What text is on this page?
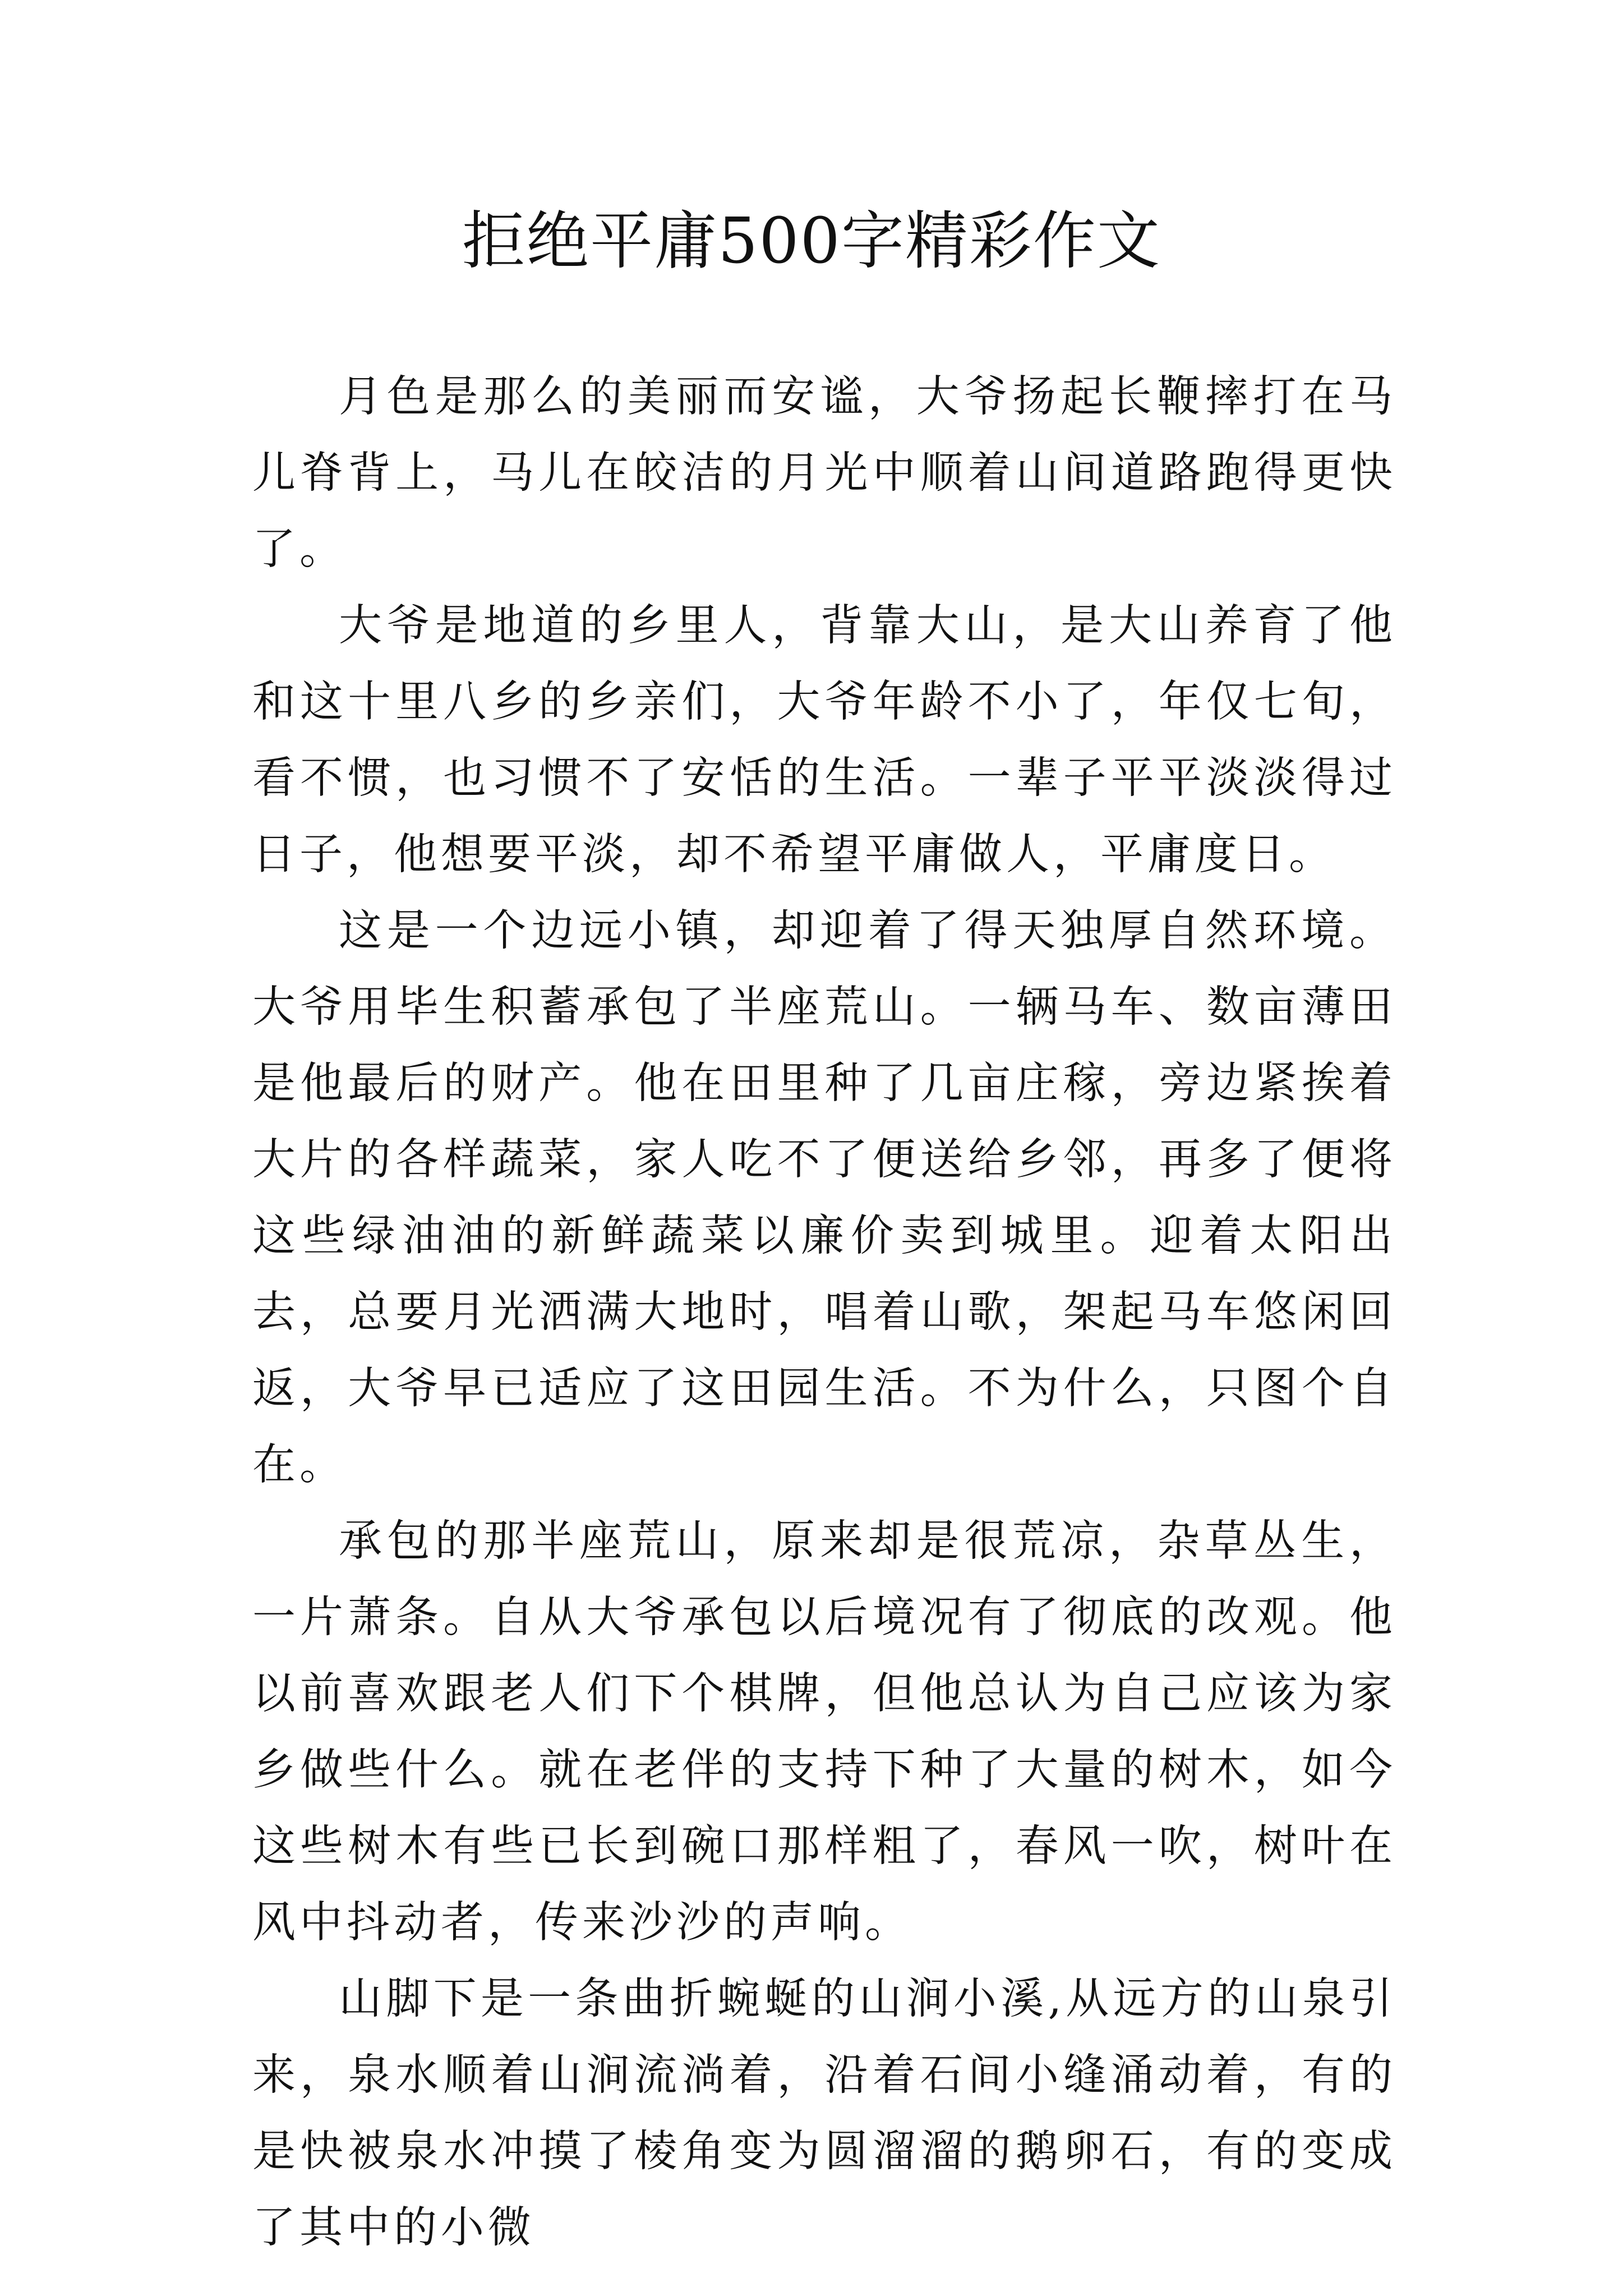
拒绝平庸500字精彩作文

月色是那么的美丽而安谧，大爷扬起长鞭摔打在马儿脊背上，马儿在皎洁的月光中顺着山间道路跑得更快了。

大爷是地道的乡里人，背靠大山，是大山养育了他和这十里八乡的乡亲们，大爷年龄不小了，年仅七旬，看不惯，也习惯不了安恬的生活。一辈子平平淡淡得过日子，他想要平淡，却不希望平庸做人，平庸度日。

这是一个边远小镇，却迎着了得天独厚自然环境。大爷用毕生积蓄承包了半座荒山。一辆马车、数亩薄田是他最后的财产。他在田里种了几亩庄稼，旁边紧挨着大片的各样蔬菜，家人吃不了便送给乡邻，再多了便将这些绿油油的新鲜蔬菜以廉价卖到城里。迎着太阳出去，总要月光洒满大地时，唱着山歌，架起马车悠闲回返，大爷早已适应了这田园生活。不为什么，只图个自在。

承包的那半座荒山，原来却是很荒凉，杂草丛生，一片萧条。自从大爷承包以后境况有了彻底的改观。他以前喜欢跟老人们下个棋牌，但他总认为自己应该为家乡做些什么。就在老伴的支持下种了大量的树木，如今这些树木有些已长到碗口那样粗了，春风一吹，树叶在风中抖动者，传来沙沙的声响。

山脚下是一条曲折蜿蜒的山涧小溪,从远方的山泉引来，泉水顺着山涧流淌着，沿着石间小缝涌动着，有的是快被泉水冲摸了棱角变为圆溜溜的鹅卵石，有的变成了其中的小微
